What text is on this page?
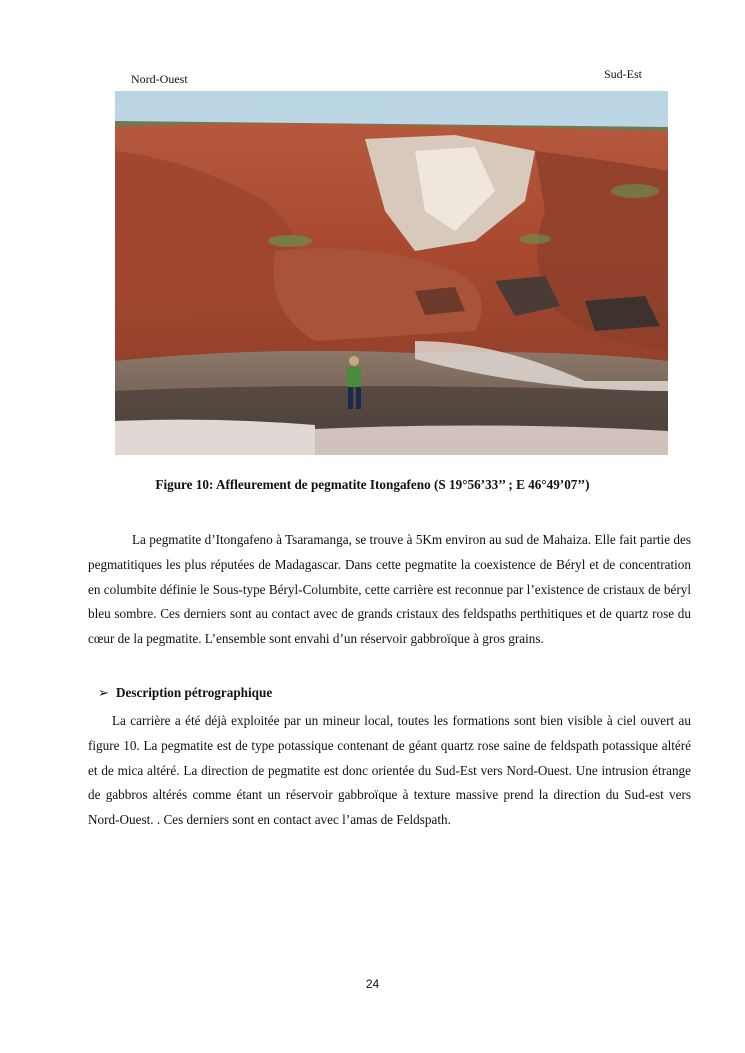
Nord-Ouest	Sud-Est
Figure 10: Affleurement de pegmatite Itongafeno (S 19°56’33’’ ; E 46°49’07’’)

La pegmatite d’Itongafeno à Tsaramanga, se trouve à 5Km environ au sud de Mahaiza. Elle fait partie des pegmatitiques les plus réputées de Madagascar. Dans cette pegmatite la coexistence de Béryl et de concentration en columbite définie le Sous-type Béryl-Columbite, cette carrière est reconnue par l’existence de cristaux de béryl bleu sombre. Ces derniers sont au contact avec de grands cristaux des feldspaths perthitiques et de quartz rose du cœur de la pegmatite. L’ensemble sont envahi d’un réservoir gabbroïque à gros grains.

➢ Description pétrographique

La carrière a été déjà exploitée par un mineur local, toutes les formations sont bien visible à ciel ouvert au figure 10. La pegmatite est de type potassique contenant de géant quartz rose saine de feldspath potassique altéré et de mica altéré. La direction de pegmatite est donc orientée du Sud-Est vers Nord-Ouest. Une intrusion étrange de gabbros altérés comme étant un réservoir gabbroïque à texture massive prend la direction du Sud-est vers Nord-Ouest. . Ces derniers sont en contact avec l’amas de Feldspath.

24
